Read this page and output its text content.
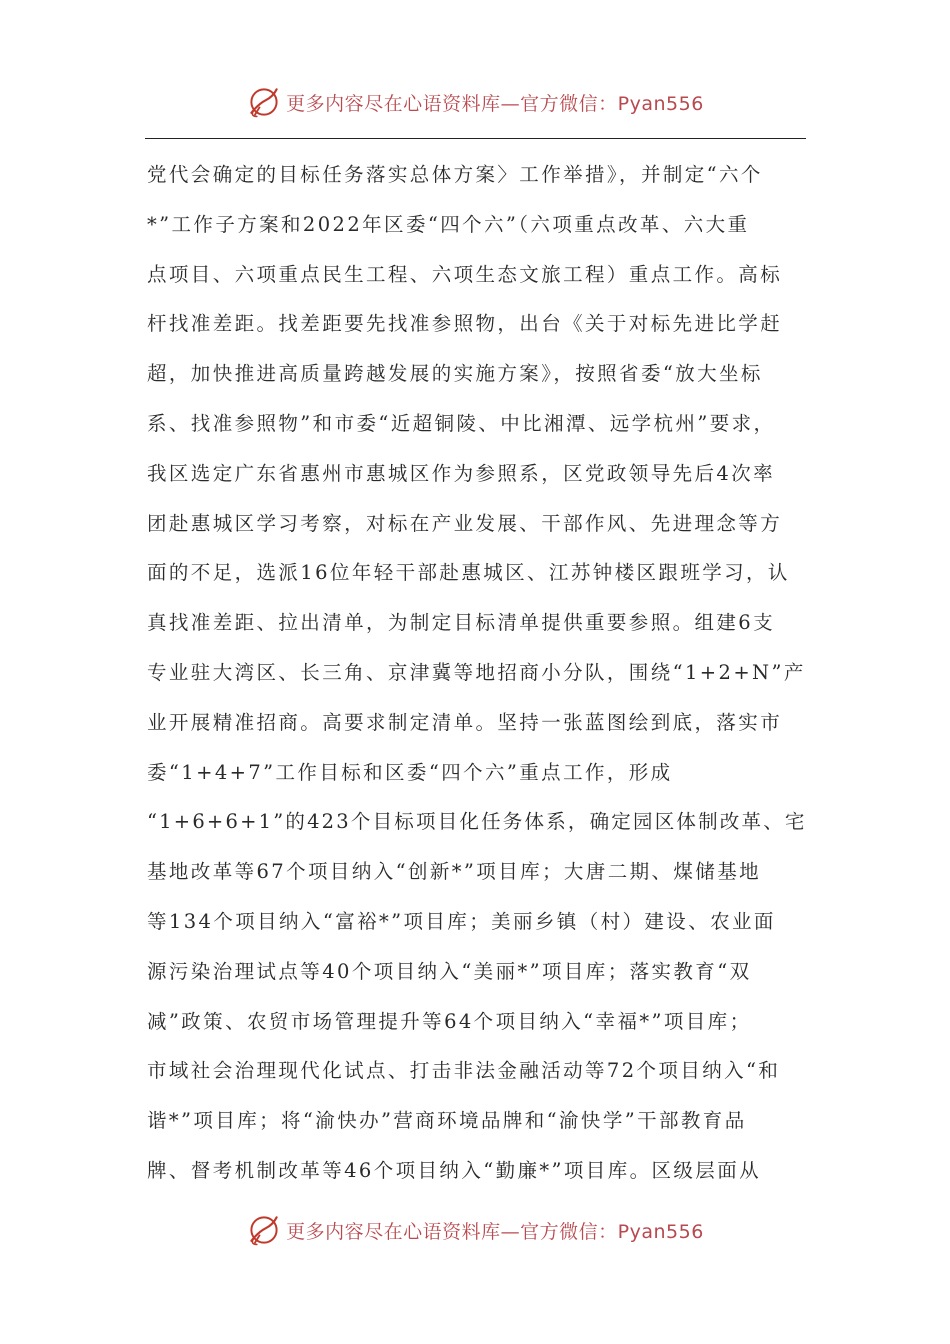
更多内容尽在心语资料库—官方微信：Pyan556
党代会确定的目标任务落实总体方案〉工作举措》，并制定“六个
*”工作子方案和2022年区委“四个六”（六项重点改革、六大重
点项目、六项重点民生工程、六项生态文旅工程）重点工作。高标
杆找准差距。找差距要先找准参照物，出台《关于对标先进比学赶
超，加快推进高质量跨越发展的实施方案》，按照省委“放大坐标
系、找准参照物”和市委“近超铜陵、中比湘潭、远学杭州”要求，
我区选定广东省惠州市惠城区作为参照系，区党政领导先后4次率
团赴惠城区学习考察，对标在产业发展、干部作风、先进理念等方
面的不足，选派16位年轻干部赴惠城区、江苏钟楼区跟班学习，认
真找准差距、拉出清单，为制定目标清单提供重要参照。组建6支
专业驻大湾区、长三角、京津冀等地招商小分队，围绕“1+2+N”产
业开展精准招商。高要求制定清单。坚持一张蓝图绘到底，落实市
委“1+4+7”工作目标和区委“四个六”重点工作，形成
“1+6+6+1”的423个目标项目化任务体系，确定园区体制改革、宅
基地改革等67个项目纳入“创新*”项目库；大唐二期、煤储基地
等134个项目纳入“富裕*”项目库；美丽乡镇（村）建设、农业面
源污染治理试点等40个项目纳入“美丽*”项目库；落实教育“双
减”政策、农贸市场管理提升等64个项目纳入“幸福*”项目库；
市域社会治理现代化试点、打击非法金融活动等72个项目纳入“和
谐*”项目库；将“渝快办”营商环境品牌和“渝快学”干部教育品
牌、督考机制改革等46个项目纳入“勤廉*”项目库。区级层面从
更多内容尽在心语资料库—官方微信：Pyan556
